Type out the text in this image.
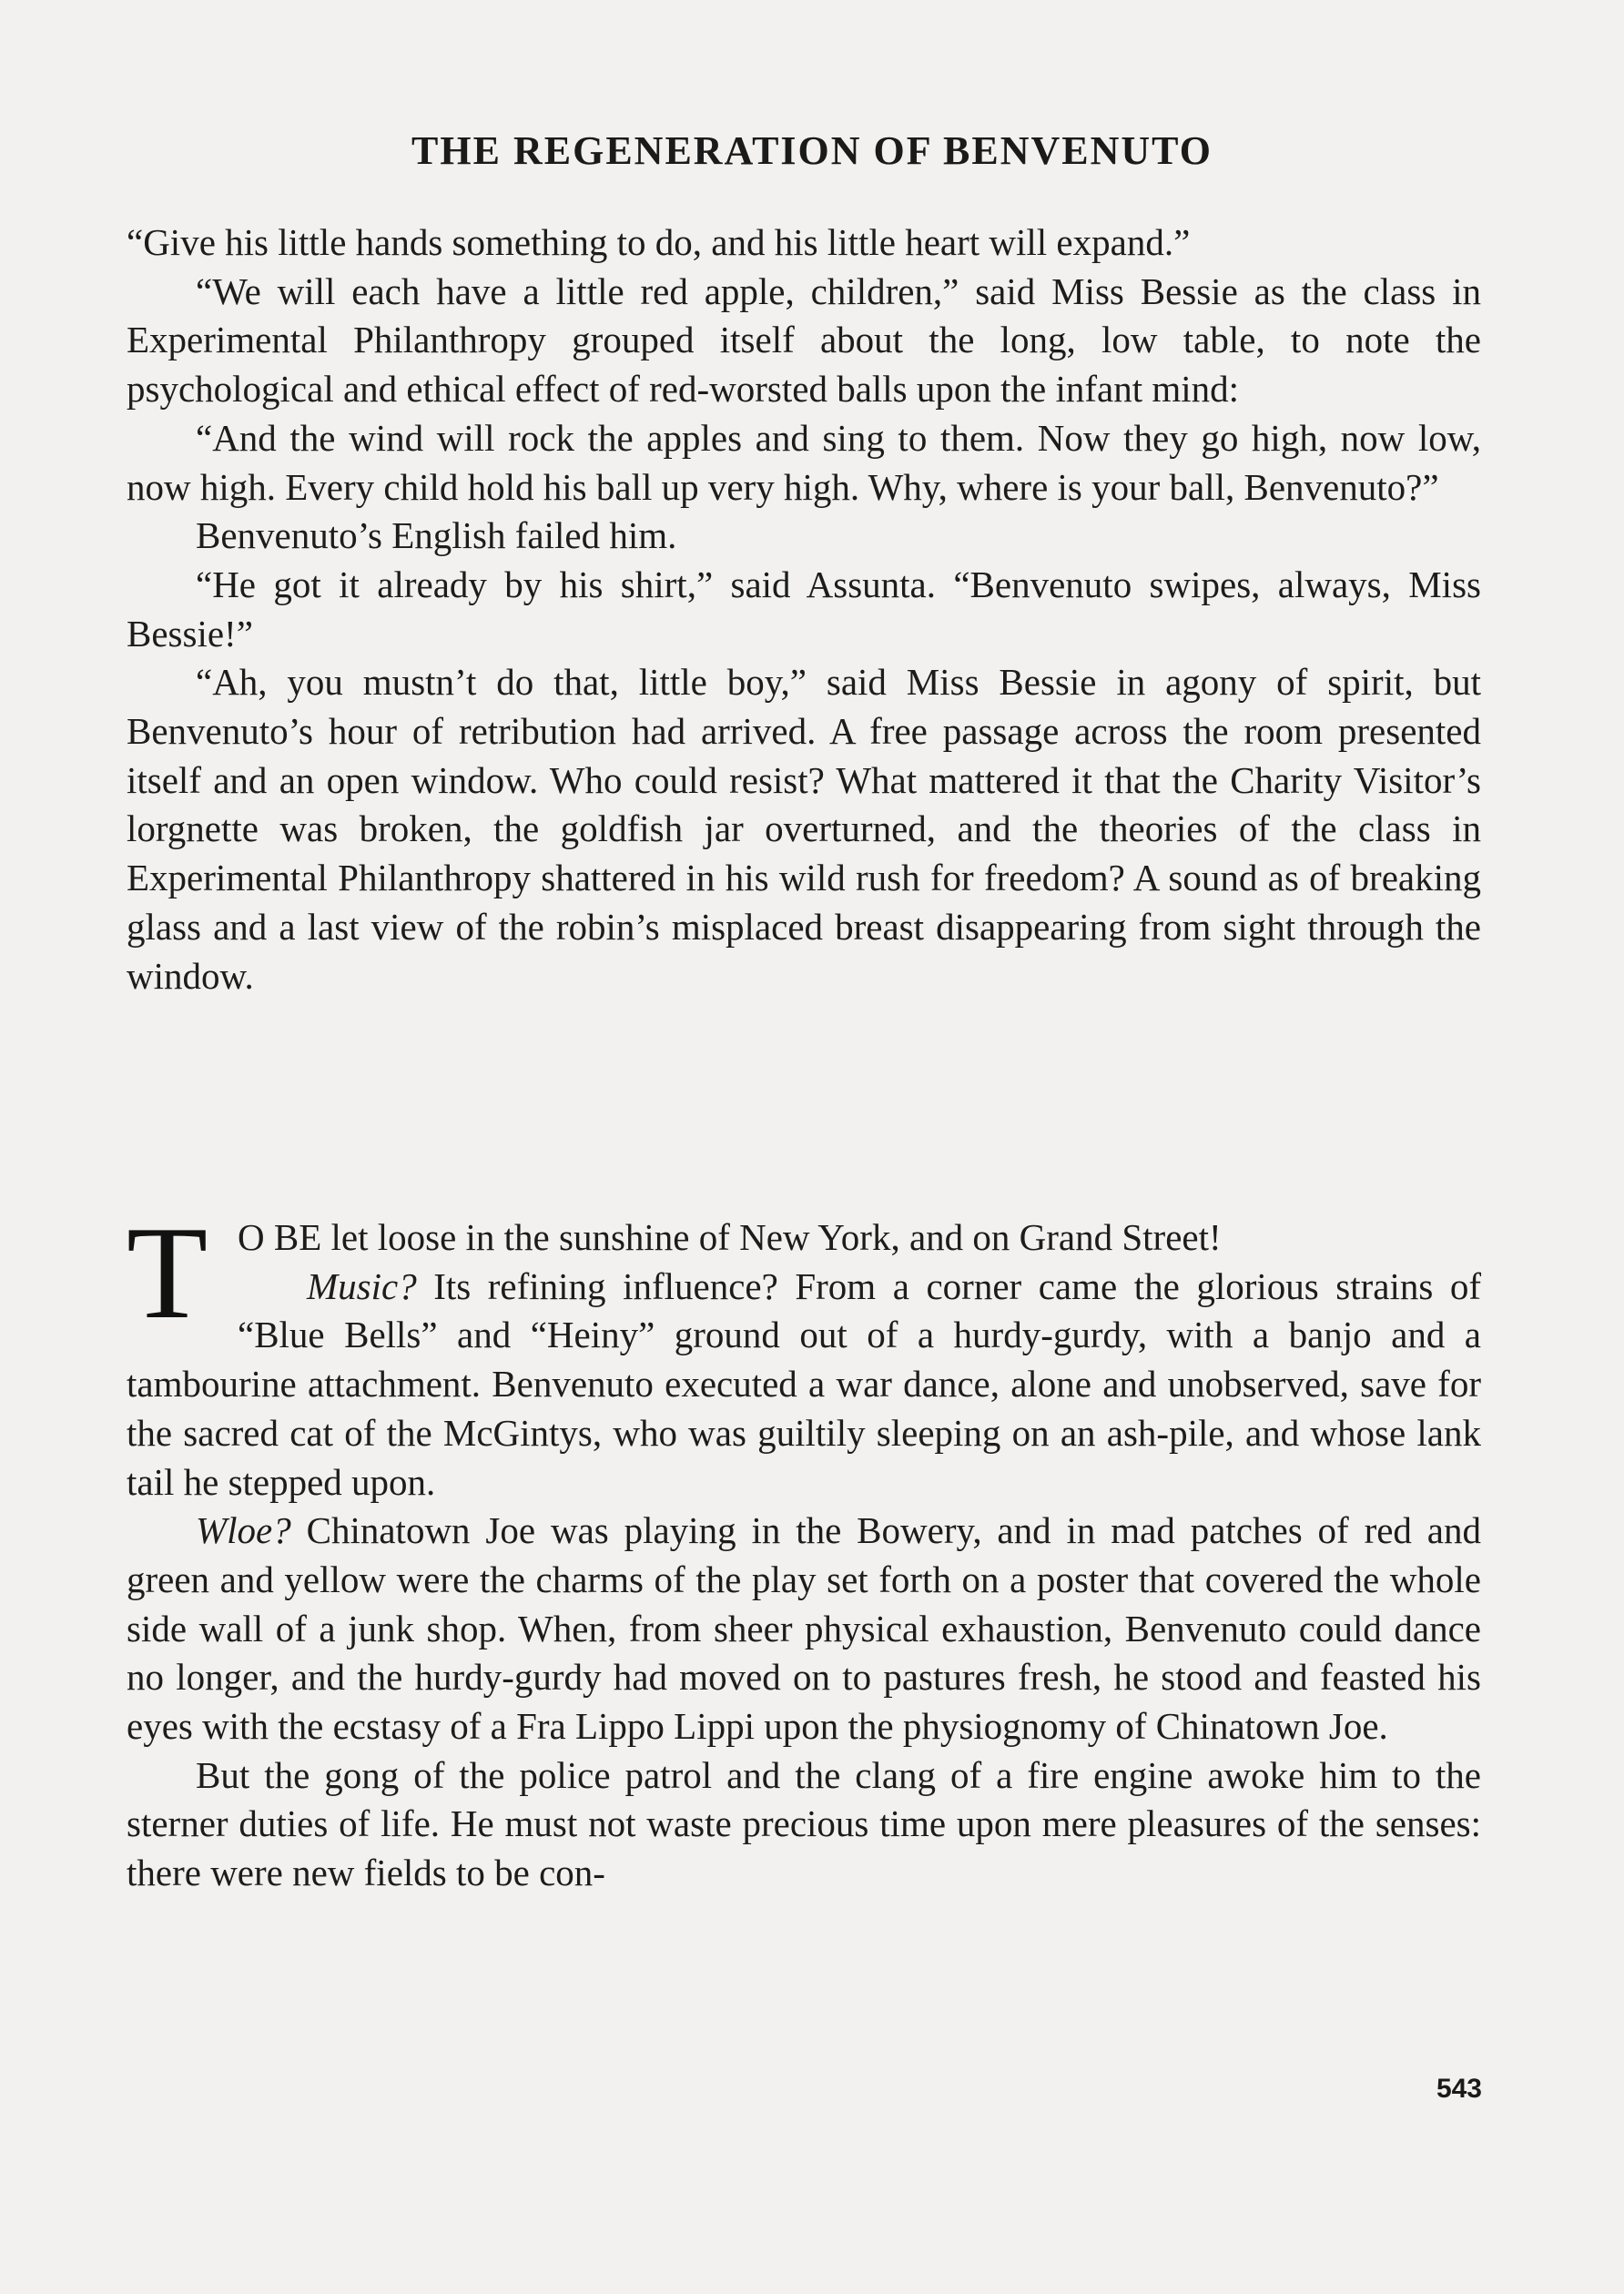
THE REGENERATION OF BENVENUTO

“Give his little hands something to do, and his little heart will expand.”

“We will each have a little red apple, children,” said Miss Bessie as the class in Experimental Philanthropy grouped itself about the long, low table, to note the psychological and ethical effect of red-worsted balls upon the infant mind:

“And the wind will rock the apples and sing to them. Now they go high, now low, now high. Every child hold his ball up very high. Why, where is your ball, Benvenuto?”

Benvenuto’s English failed him.

“He got it already by his shirt,” said Assunta. “Benvenuto swipes, always, Miss Bessie!”

“Ah, you mustn’t do that, little boy,” said Miss Bessie in agony of spirit, but Benvenuto’s hour of retribution had arrived. A free passage across the room presented itself and an open window. Who could resist? What mattered it that the Charity Visitor’s lorgnette was broken, the goldfish jar overturned, and the theories of the class in Experimental Philanthropy shattered in his wild rush for freedom? A sound as of breaking glass and a last view of the robin’s misplaced breast disappearing from sight through the window.

T O BE let loose in the sunshine of New York, and on Grand Street!
Music? Its refining influence? From a corner came the glorious strains of “Blue Bells” and “Heiny” ground out of a hurdy-gurdy, with a banjo and a tambourine attachment. Benvenuto executed a war dance, alone and unobserved, save for the sacred cat of the McGintys, who was guiltily sleeping on an ash-pile, and whose lank tail he stepped upon.

Wloe? Chinatown Joe was playing in the Bowery, and in mad patches of red and green and yellow were the charms of the play set forth on a poster that covered the whole side wall of a junk shop. When, from sheer physical exhaustion, Benvenuto could dance no longer, and the hurdy-gurdy had moved on to pastures fresh, he stood and feasted his eyes with the ecstasy of a Fra Lippo Lippi upon the physiognomy of Chinatown Joe.

But the gong of the police patrol and the clang of a fire engine awoke him to the sterner duties of life. He must not waste precious time upon mere pleasures of the senses: there were new fields to be con-

543
